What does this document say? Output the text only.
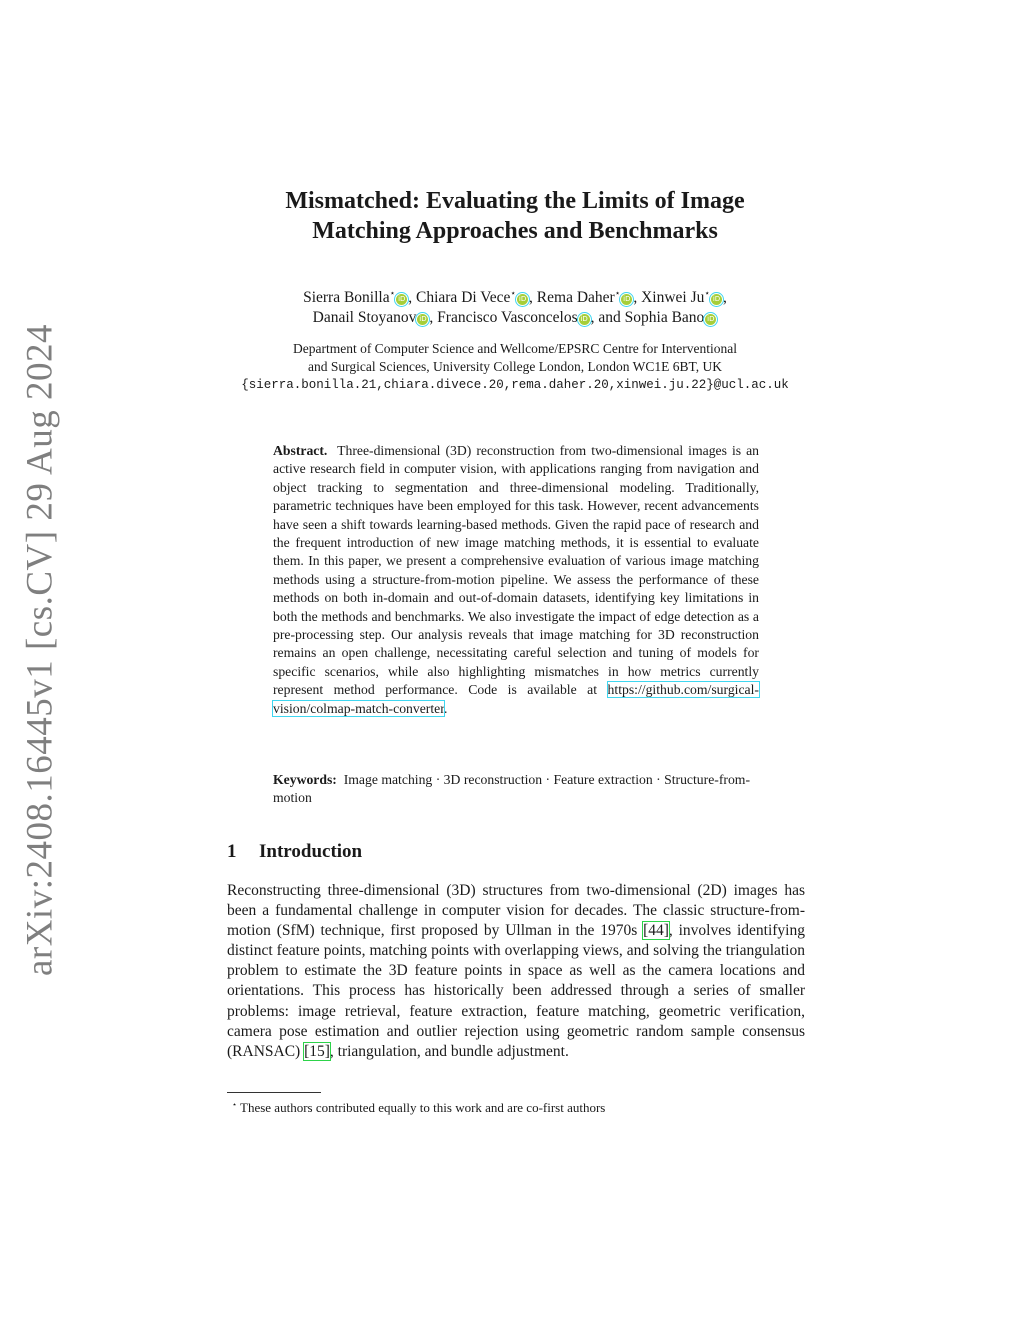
arXiv:2408.16445v1 [cs.CV] 29 Aug 2024
Mismatched: Evaluating the Limits of Image
Matching Approaches and Benchmarks
Sierra Bonilla⋆iD , Chiara Di Vece⋆iD , Rema Daher⋆iD , Xinwei Ju⋆iD ,
Danail Stoyanov iD , Francisco Vasconcelos iD , and Sophia Bano iD
Department of Computer Science and Wellcome/EPSRC Centre for Interventional
and Surgical Sciences, University College London, London WC1E 6BT, UK
{sierra.bonilla.21,chiara.divece.20,rema.daher.20,xinwei.ju.22}@ucl.ac.uk
Abstract. Three-dimensional (3D) reconstruction from two-dimensional images is an active research field in computer vision, with applications ranging from navigation and object tracking to segmentation and three-dimensional modeling. Traditionally, parametric techniques have been employed for this task. However, recent advancements have seen a shift towards learning-based methods. Given the rapid pace of research and the frequent introduction of new image matching methods, it is essential to evaluate them. In this paper, we present a comprehensive evaluation of various image matching methods using a structure-from-motion pipeline. We assess the performance of these methods on both in-domain and out-of-domain datasets, identifying key limitations in both the methods and benchmarks. We also investigate the impact of edge detection as a pre-processing step. Our analysis reveals that image matching for 3D reconstruction remains an open challenge, necessitating careful selection and tuning of models for specific scenarios, while also highlighting mismatches in how metrics currently represent method performance. Code is available at https://github.com/surgical-vision/colmap-match-converter.
Keywords: Image matching · 3D reconstruction · Feature extraction · Structure-from-motion
1 Introduction
Reconstructing three-dimensional (3D) structures from two-dimensional (2D) images has been a fundamental challenge in computer vision for decades. The classic structure-from-motion (SfM) technique, first proposed by Ullman in the 1970s [44], involves identifying distinct feature points, matching points with overlapping views, and solving the triangulation problem to estimate the 3D feature points in space as well as the camera locations and orientations. This process has historically been addressed through a series of smaller problems: image retrieval, feature extraction, feature matching, geometric verification, camera pose estimation and outlier rejection using geometric random sample consensus (RANSAC) [15], triangulation, and bundle adjustment.
⋆ These authors contributed equally to this work and are co-first authors
